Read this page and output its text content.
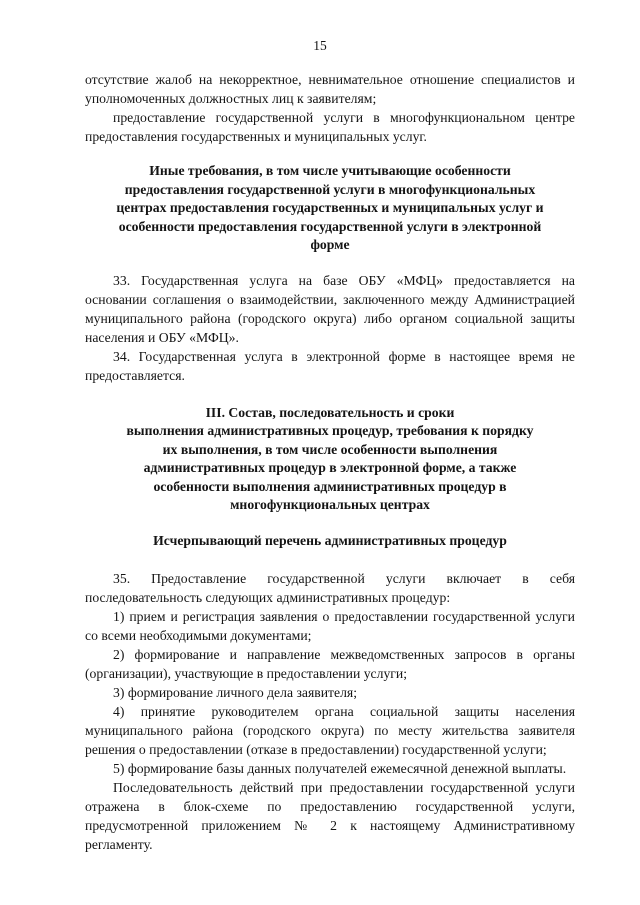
15

отсутствие жалоб на некорректное, невнимательное отношение специалистов и уполномоченных должностных лиц к заявителям;

предоставление государственной услуги в многофункциональном центре предоставления государственных и муниципальных услуг.

Иные требования, в том числе учитывающие особенности
предоставления государственной услуги в многофункциональных
центрах предоставления государственных и муниципальных услуг и
особенности предоставления государственной услуги в электронной
форме

33. Государственная услуга на базе ОБУ «МФЦ» предоставляется на основании соглашения о взаимодействии, заключенного между Администрацией муниципального района (городского округа) либо органом социальной защиты населения и ОБУ «МФЦ».

34. Государственная услуга в электронной форме в настоящее время не предоставляется.

III. Состав, последовательность и сроки
выполнения административных процедур, требования к порядку
их выполнения, в том числе особенности выполнения
административных процедур в электронной форме, а также
особенности выполнения административных процедур в
многофункциональных центрах
Исчерпывающий перечень административных процедур

35. Предоставление государственной услуги включает в себя последовательность следующих административных процедур:

1) прием и регистрация заявления о предоставлении государственной услуги со всеми необходимыми документами;

2) формирование и направление межведомственных запросов в органы (организации), участвующие в предоставлении услуги;

3) формирование личного дела заявителя;

4) принятие руководителем органа социальной защиты населения муниципального района (городского округа) по месту жительства заявителя решения о предоставлении (отказе в предоставлении) государственной услуги;

5) формирование базы данных получателей ежемесячной денежной выплаты.

Последовательность действий при предоставлении государственной услуги отражена в блок-схеме по предоставлению государственной услуги, предусмотренной приложением № 2 к настоящему Административному регламенту.
